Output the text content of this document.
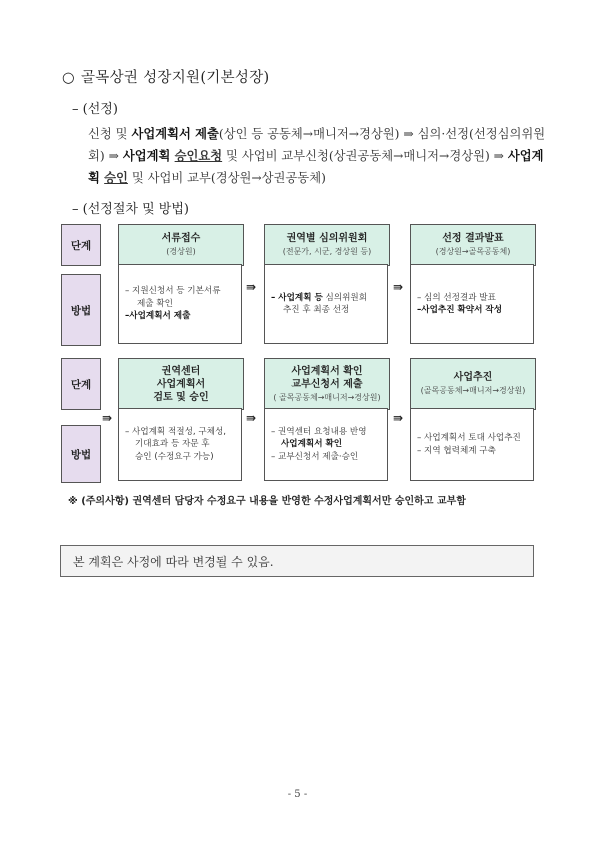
○ 골목상권 성장지원(기본성장)
– (선정)
신청 및 사업계획서 제출(상인 등 공동체→매니저→경상원) ⇒ 심의·선정(선정심의위원회) ⇒ 사업계획 승인요청 및 사업비 교부신청(상권공동체→매니저→경상원) ⇒ 사업계획 승인 및 사업비 교부(경상원→상권공동체)
– (선정절차 및 방법)
단계
방법
서류접수
(경상원)
권역별 심의위원회
(전문가, 시군, 경상원 등)
선정 결과발표
(경상원→골목공동체)
– 지원신청서 등 기본서류
제출 확인
–사업계획서 제출
– 사업계획 등 심의위원회
추진 후 최종 선정
– 심의 선정결과 발표
–사업추진 확약서 작성
⇛	⇛
단계
방법
권역센터
사업계획서
검토 및 승인
사업계획서 확인
교부신청서 제출
( 골목공동체→매니저→경상원)
사업추진
(골목공동체→매니저→경상원)
– 사업계획 적절성, 구체성,
기대효과 등 자문 후
승인 (수정요구 가능)
– 권역센터 요청내용 반영
사업계획서 확인
– 교부신청서 제출·승인
– 사업계획서 토대 사업추진
– 지역 협력체계 구축
⇛	⇛	⇛
※ (주의사항) 권역센터 담당자 수정요구 내용을 반영한 수정사업계획서만 승인하고 교부함
본 계획은 사정에 따라 변경될 수 있음.
- 5 -
